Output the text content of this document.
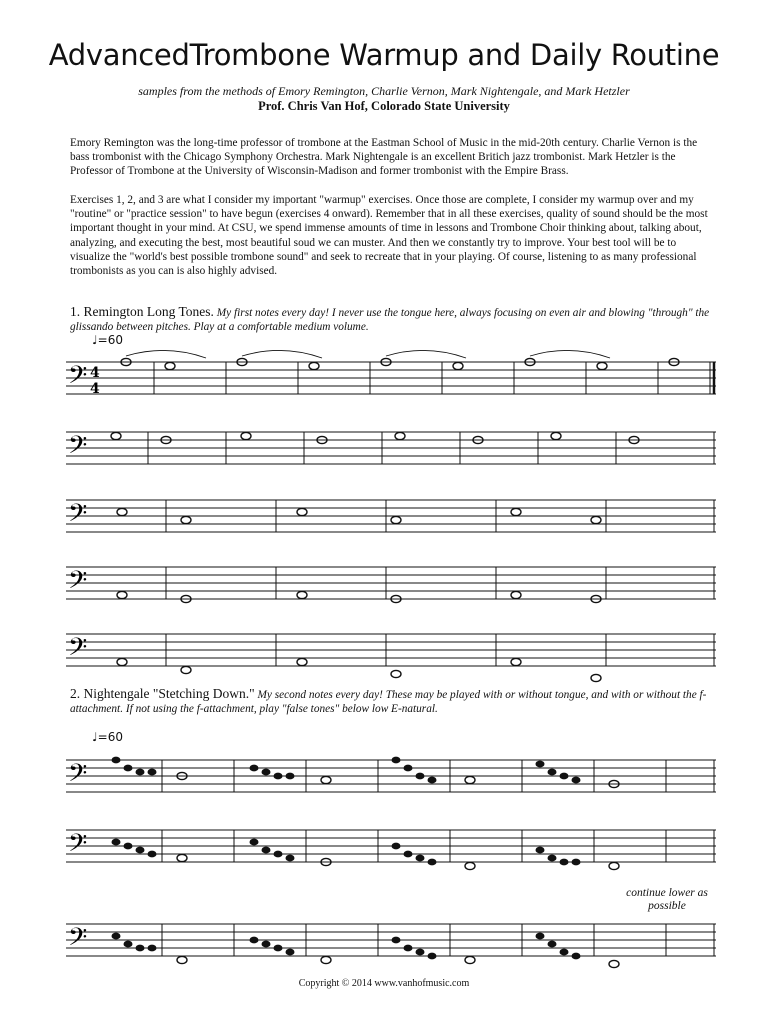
AdvancedTrombone Warmup and Daily Routine
samples from the methods of Emory Remington, Charlie Vernon, Mark Nightengale, and Mark Hetzler
Prof. Chris Van Hof, Colorado State University

Emory Remington was the long-time professor of trombone at the Eastman School of Music in the mid-20th century. Charlie Vernon is the bass trombonist with the Chicago Symphony Orchestra. Mark Nightengale is an excellent Britich jazz trombonist. Mark Hetzler is the Professor of Trombone at the University of Wisconsin-Madison and former trombonist with the Empire Brass.

Exercises 1, 2, and 3 are what I consider my important "warmup" exercises. Once those are complete, I consider my warmup over and my "routine" or "practice session" to have begun (exercises 4 onward). Remember that in all these exercises, quality of sound should be the most important thought in your mind. At CSU, we spend immense amounts of time in lessons and Trombone Choir thinking about, talking about, analyzing, and executing the best, most beautiful soud we can muster. And then we constantly try to improve. Your best tool will be to visualize the "world's best possible trombone sound" and seek to recreate that in your playing. Of course, listening to as many professional trombonists as you can is also highly advised.

1. Remington Long Tones. My first notes every day! I never use the tongue here, always focusing on even air and blowing "through" the glissando between pitches. Play at a comfortable medium volume.

♩=60
𝄢 4
4
𝄢
𝄢
𝄢
𝄢

2. Nightengale "Stetching Down." My second notes every day! These may be played with or without tongue, and with or without the f-attachment. If not using the f-attachment, play "false tones" below low E-natural.

♩=60
𝄢
𝄢
continue lower as possible
𝄢
Copyright © 2014 www.vanhofmusic.com
